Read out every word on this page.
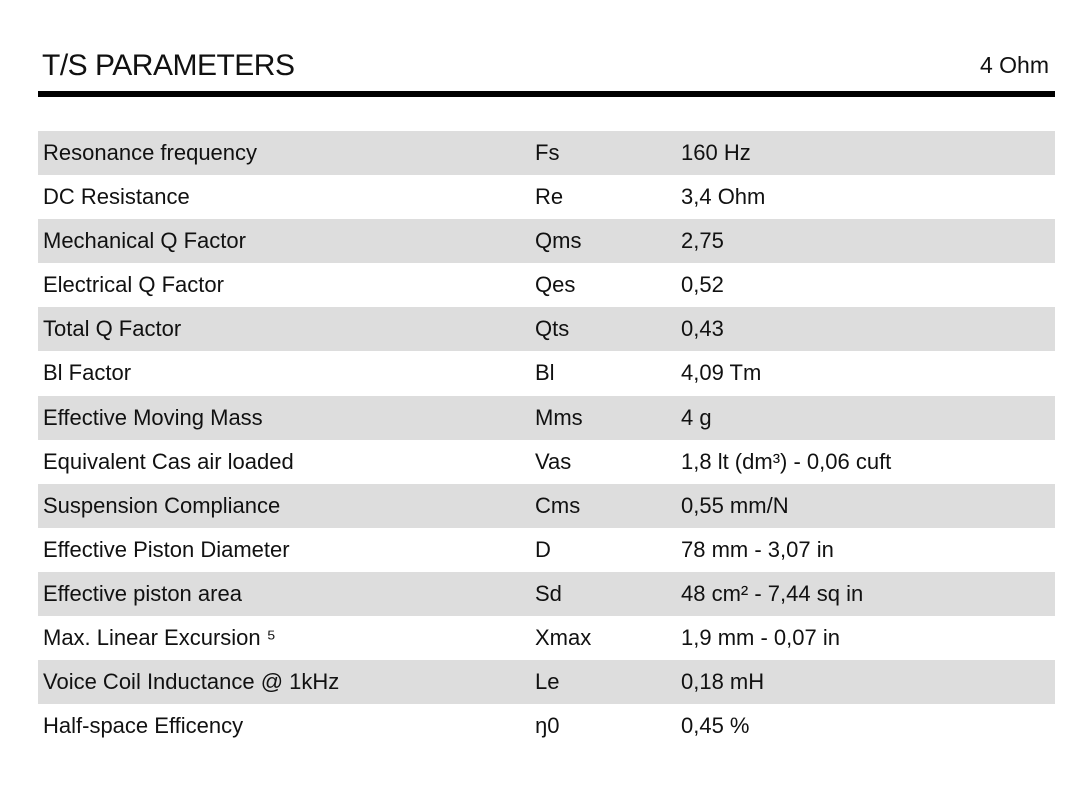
T/S PARAMETERS	4 Ohm
Resonance frequency	Fs	160 Hz
DC Resistance	Re	3,4 Ohm
Mechanical Q Factor	Qms	2,75
Electrical Q Factor	Qes	0,52
Total Q Factor	Qts	0,43
Bl Factor	Bl	4,09 Tm
Effective Moving Mass	Mms	4 g
Equivalent Cas air loaded	Vas	1,8 lt (dm³) - 0,06 cuft
Suspension Compliance	Cms	0,55 mm/N
Effective Piston Diameter	D	78 mm - 3,07 in
Effective piston area	Sd	48 cm² - 7,44 sq in
Max. Linear Excursion ⁵	Xmax	1,9 mm - 0,07 in
Voice Coil Inductance @ 1kHz	Le	0,18 mH
Half-space Efficency	ŋ0	0,45 %
